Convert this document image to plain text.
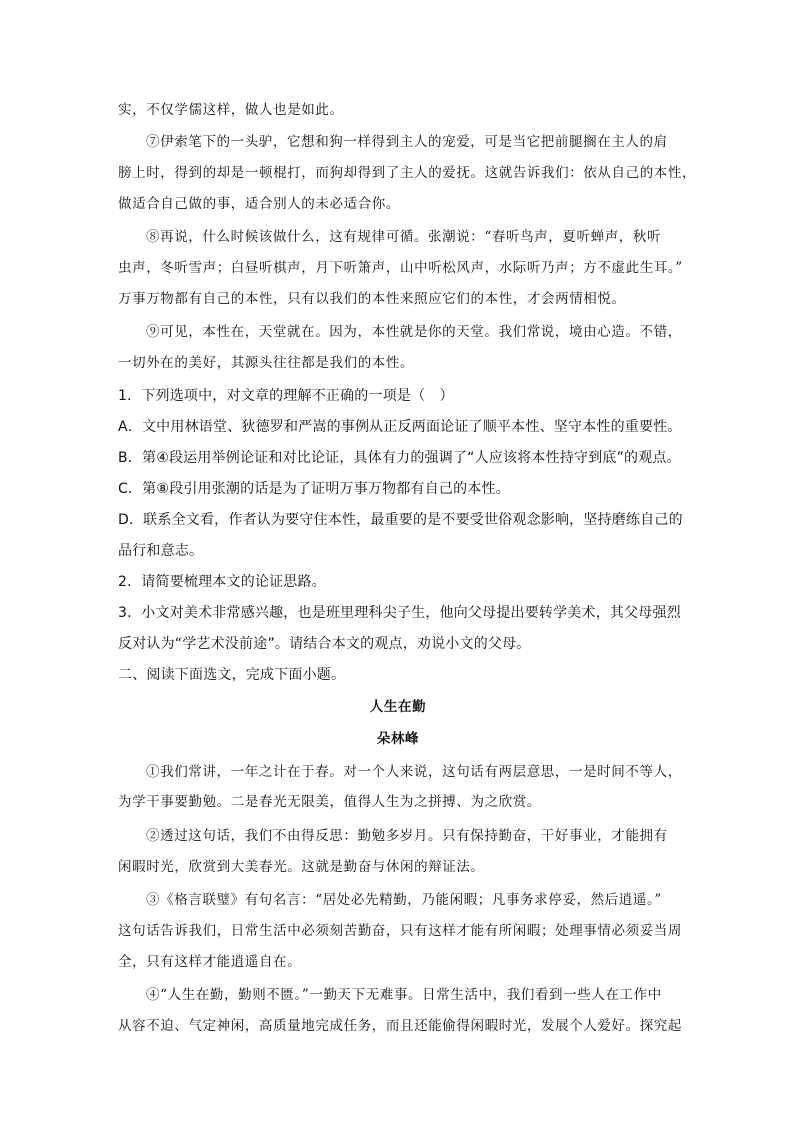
实，不仅学儒这样，做人也是如此。
⑦伊索笔下的一头驴，它想和狗一样得到主人的宠爱，可是当它把前腿搁在主人的肩
膀上时，得到的却是一顿棍打，而狗却得到了主人的爱抚。这就告诉我们：依从自己的本性，
做适合自己做的事，适合别人的未必适合你。
⑧再说，什么时候该做什么，这有规律可循。张潮说：“春听鸟声，夏听蝉声，秋听
虫声，冬听雪声；白昼听棋声，月下听箫声，山中听松风声，水际听乃声；方不虚此生耳。”
万事万物都有自己的本性，只有以我们的本性来照应它们的本性，才会两情相悦。
⑨可见，本性在，天堂就在。因为，本性就是你的天堂。我们常说，境由心造。不错，
一切外在的美好，其源头往往都是我们的本性。
1．下列选项中，对文章的理解不正确的一项是（　）
A．文中用林语堂、狄德罗和严嵩的事例从正反两面论证了顺平本性、坚守本性的重要性。
B．第④段运用举例论证和对比论证，具体有力的强调了“人应该将本性持守到底”的观点。
C．第⑧段引用张潮的话是为了证明万事万物都有自己的本性。
D．联系全文看，作者认为要守住本性，最重要的是不要受世俗观念影响，坚持磨练自己的
品行和意志。
2．请简要梳理本文的论证思路。
3．小文对美术非常感兴趣，也是班里理科尖子生，他向父母提出要转学美术，其父母强烈
反对认为“学艺术没前途”。请结合本文的观点，劝说小文的父母。
二、阅读下面选文，完成下面小题。
人生在勤
朵林峰
①我们常讲，一年之计在于春。对一个人来说，这句话有两层意思，一是时间不等人，
为学干事要勤勉。二是春光无限美，值得人生为之拼搏、为之欣赏。
②透过这句话，我们不由得反思：勤勉多岁月。只有保持勤奋，干好事业，才能拥有
闲暇时光，欣赏到大美春光。这就是勤奋与休闲的辩证法。
③《格言联璧》有句名言：“居处必先精勤，乃能闲暇；凡事务求停妥，然后逍遥。”
这句话告诉我们，日常生活中必须刻苦勤奋，只有这样才能有所闲暇；处理事情必须妥当周
全，只有这样才能逍遥自在。
④“人生在勤，勤则不匮。”一勤天下无难事。日常生活中，我们看到一些人在工作中
从容不迫、气定神闲，高质量地完成任务，而且还能偷得闲暇时光，发展个人爱好。探究起
